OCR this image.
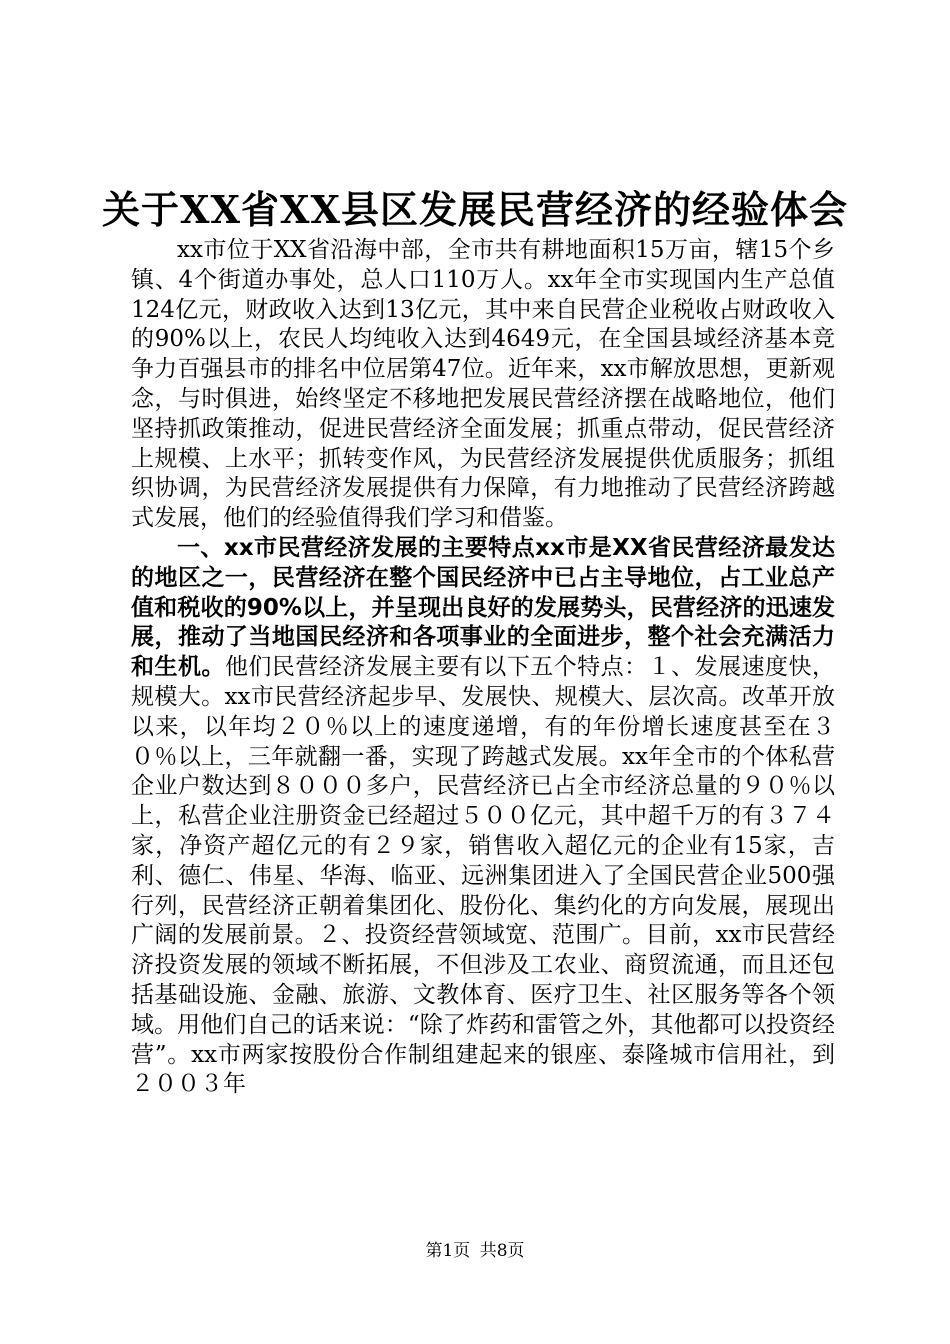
关于XX省XX县区发展民营经济的经验体会

xx市位于XX省沿海中部，全市共有耕地面积15万亩，辖15个乡镇、4个街道办事处，总人口110万人。xx年全市实现国内生产总值124亿元，财政收入达到13亿元，其中来自民营企业税收占财政收入的90%以上，农民人均纯收入达到4649元，在全国县域经济基本竞争力百强县市的排名中位居第47位。近年来，xx市解放思想，更新观念，与时俱进，始终坚定不移地把发展民营经济摆在战略地位，他们坚持抓政策推动，促进民营经济全面发展；抓重点带动，促民营经济上规模、上水平；抓转变作风，为民营经济发展提供优质服务；抓组织协调，为民营经济发展提供有力保障，有力地推动了民营经济跨越式发展，他们的经验值得我们学习和借鉴。

一、xx市民营经济发展的主要特点xx市是XX省民营经济最发达的地区之一，民营经济在整个国民经济中已占主导地位，占工业总产值和税收的90%以上，并呈现出良好的发展势头，民营经济的迅速发展，推动了当地国民经济和各项事业的全面进步，整个社会充满活力和生机。他们民营经济发展主要有以下五个特点：１、发展速度快，规模大。xx市民营经济起步早、发展快、规模大、层次高。改革开放以来，以年均２０％以上的速度递增，有的年份增长速度甚至在３０％以上，三年就翻一番，实现了跨越式发展。xx年全市的个体私营企业户数达到８０００多户，民营经济已占全市经济总量的９０％以上，私营企业注册资金已经超过５００亿元，其中超千万的有３７４家，净资产超亿元的有２９家，销售收入超亿元的企业有15家，吉利、德仁、伟星、华海、临亚、远洲集团进入了全国民营企业500强行列，民营经济正朝着集团化、股份化、集约化的方向发展，展现出广阔的发展前景。２、投资经营领域宽、范围广。目前，xx市民营经济投资发展的领域不断拓展，不但涉及工农业、商贸流通，而且还包括基础设施、金融、旅游、文教体育、医疗卫生、社区服务等各个领域。用他们自己的话来说：“除了炸药和雷管之外，其他都可以投资经营”。xx市两家按股份合作制组建起来的银座、泰隆城市信用社，到２００３年

第1页 共8页
